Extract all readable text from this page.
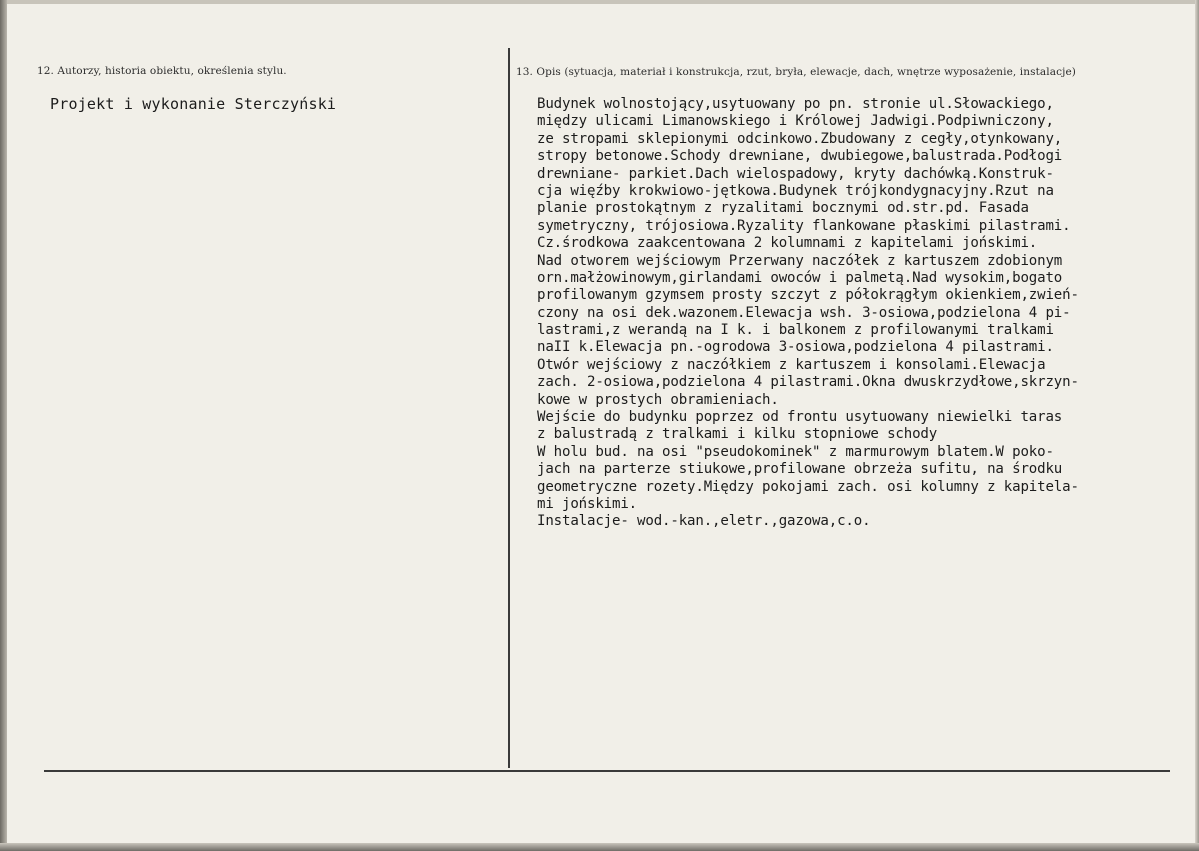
12. Autorzy, historia obiektu, określenia stylu.
Projekt i wykonanie Sterczyński
13. Opis (sytuacja, materiał i konstrukcja, rzut, bryła, elewacje, dach, wnętrze wyposażenie, instalacje)
Budynek wolnostojący,usytuowany po pn. stronie ul.Słowackiego,
między ulicami Limanowskiego i Królowej Jadwigi.Podpiwniczony,
ze stropami sklepionymi odcinkowo.Zbudowany z cegły,otynkowany,
stropy betonowe.Schody drewniane, dwubiegowe,balustrada.Podłogi
drewniane- parkiet.Dach wielospadowy, kryty dachówką.Konstruk-
cja więźby krokwiowo-jętkowa.Budynek trójkondygnacyjny.Rzut na
planie prostokątnym z ryzalitami bocznymi od.str.pd. Fasada
symetryczny, trójosiowa.Ryzality flankowane płaskimi pilastrami.
Cz.środkowa zaakcentowana 2 kolumnami z kapitelami jońskimi.
Nad otworem wejściowym Przerwany naczółek z kartuszem zdobionym
orn.małżowinowym,girlandami owoców i palmetą.Nad wysokim,bogato
profilowanym gzymsem prosty szczyt z półokrągłym okienkiem,zwień-
czony na osi dek.wazonem.Elewacja wsh. 3-osiowa,podzielona 4 pi-
lastrami,z werandą na I k. i balkonem z profilowanymi tralkami
naII k.Elewacja pn.-ogrodowa 3-osiowa,podzielona 4 pilastrami.
Otwór wejściowy z naczółkiem z kartuszem i konsolami.Elewacja
zach. 2-osiowa,podzielona 4 pilastrami.Okna dwuskrzydłowe,skrzyn-
kowe w prostych obramieniach.
Wejście do budynku poprzez od frontu usytuowany niewielki taras
z balustradą z tralkami i kilku stopniowe schody
W holu bud. na osi "pseudokominek" z marmurowym blatem.W poko-
jach na parterze stiukowe,profilowane obrzeża sufitu, na środku
geometryczne rozety.Między pokojami zach. osi kolumny z kapitela-
mi jońskimi.
Instalacje- wod.-kan.,eletr.,gazowa,c.o.
